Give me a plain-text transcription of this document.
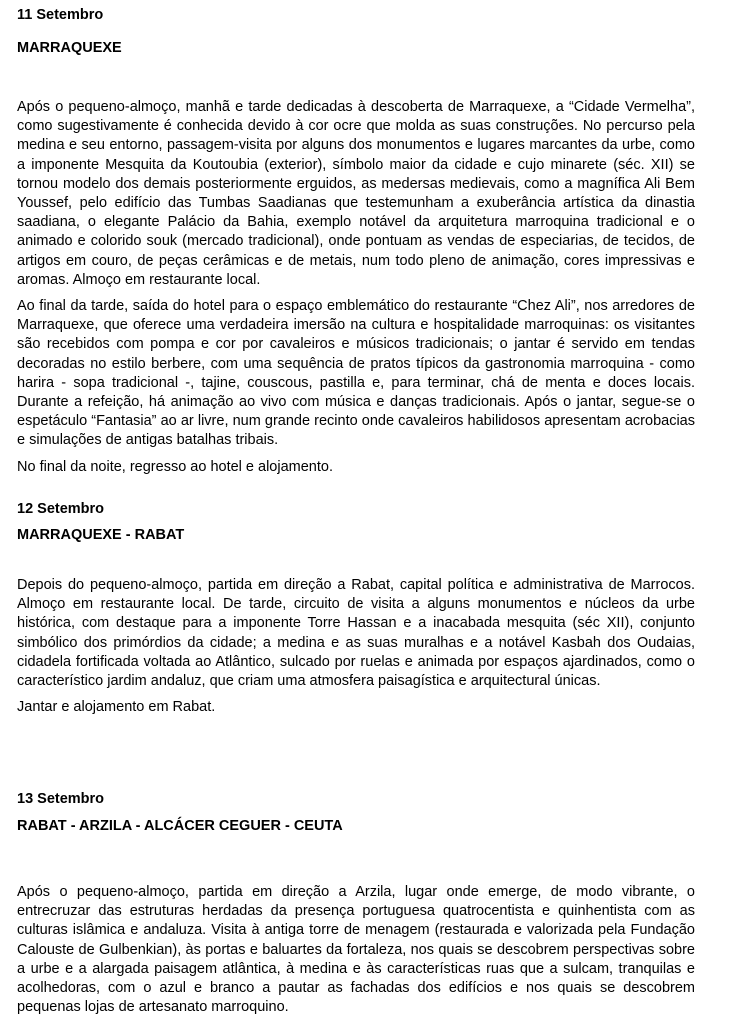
11 Setembro

MARRAQUEXE

Após o pequeno-almoço, manhã e tarde dedicadas à descoberta de Marraquexe, a “Cidade Vermelha”, como sugestivamente é conhecida devido à cor ocre que molda as suas construções. No percurso pela medina e seu entorno, passagem-visita por alguns dos monumentos e lugares marcantes da urbe, como a imponente Mesquita da Koutoubia (exterior), símbolo maior da cidade e cujo minarete (séc. XII) se tornou modelo dos demais posteriormente erguidos, as medersas medievais, como a magnífica Ali Bem Youssef, pelo edifício das Tumbas Saadianas que testemunham a exuberância artística da dinastia saadiana, o elegante Palácio da Bahia, exemplo notável da arquitetura marroquina tradicional e o animado e colorido souk (mercado tradicional), onde pontuam as vendas de especiarias, de tecidos, de artigos em couro, de peças cerâmicas e de metais, num todo pleno de animação, cores impressivas e aromas. Almoço em restaurante local.

Ao final da tarde, saída do hotel para o espaço emblemático do restaurante “Chez Ali”, nos arredores de Marraquexe, que oferece uma verdadeira imersão na cultura e hospitalidade marroquinas: os visitantes são recebidos com pompa e cor por cavaleiros e músicos tradicionais; o jantar é servido em tendas decoradas no estilo berbere, com uma sequência de pratos típicos da gastronomia marroquina - como harira - sopa tradicional -, tajine, couscous, pastilla e, para terminar, chá de menta e doces locais. Durante a refeição, há animação ao vivo com música e danças tradicionais. Após o jantar, segue-se o espetáculo “Fantasia” ao ar livre, num grande recinto onde cavaleiros habilidosos apresentam acrobacias e simulações de antigas batalhas tribais.

No final da noite, regresso ao hotel e alojamento.

12 Setembro

MARRAQUEXE - RABAT

Depois do pequeno-almoço, partida em direção a Rabat, capital política e administrativa de Marrocos. Almoço em restaurante local. De tarde, circuito de visita a alguns monumentos e núcleos da urbe histórica, com destaque para a imponente Torre Hassan e a inacabada mesquita (séc XII), conjunto simbólico dos primórdios da cidade; a medina e as suas muralhas e a notável Kasbah dos Oudaias, cidadela fortificada voltada ao Atlântico, sulcado por ruelas e animada por espaços ajardinados, como o característico jardim andaluz, que criam uma atmosfera paisagística e arquitectural únicas.

Jantar e alojamento em Rabat.

13 Setembro

RABAT - ARZILA - ALCÁCER CEGUER - CEUTA

Após o pequeno-almoço, partida em direção a Arzila, lugar onde emerge, de modo vibrante, o entrecruzar das estruturas herdadas da presença portuguesa quatrocentista e quinhentista com as culturas islâmica e andaluza. Visita à antiga torre de menagem (restaurada e valorizada pela Fundação Calouste de Gulbenkian), às portas e baluartes da fortaleza, nos quais se descobrem perspectivas sobre a urbe e a alargada paisagem atlântica, à medina e às características ruas que a sulcam, tranquilas e acolhedoras, com o azul e branco a pautar as fachadas dos edifícios e nos quais se descobrem pequenas lojas de artesanato marroquino.
